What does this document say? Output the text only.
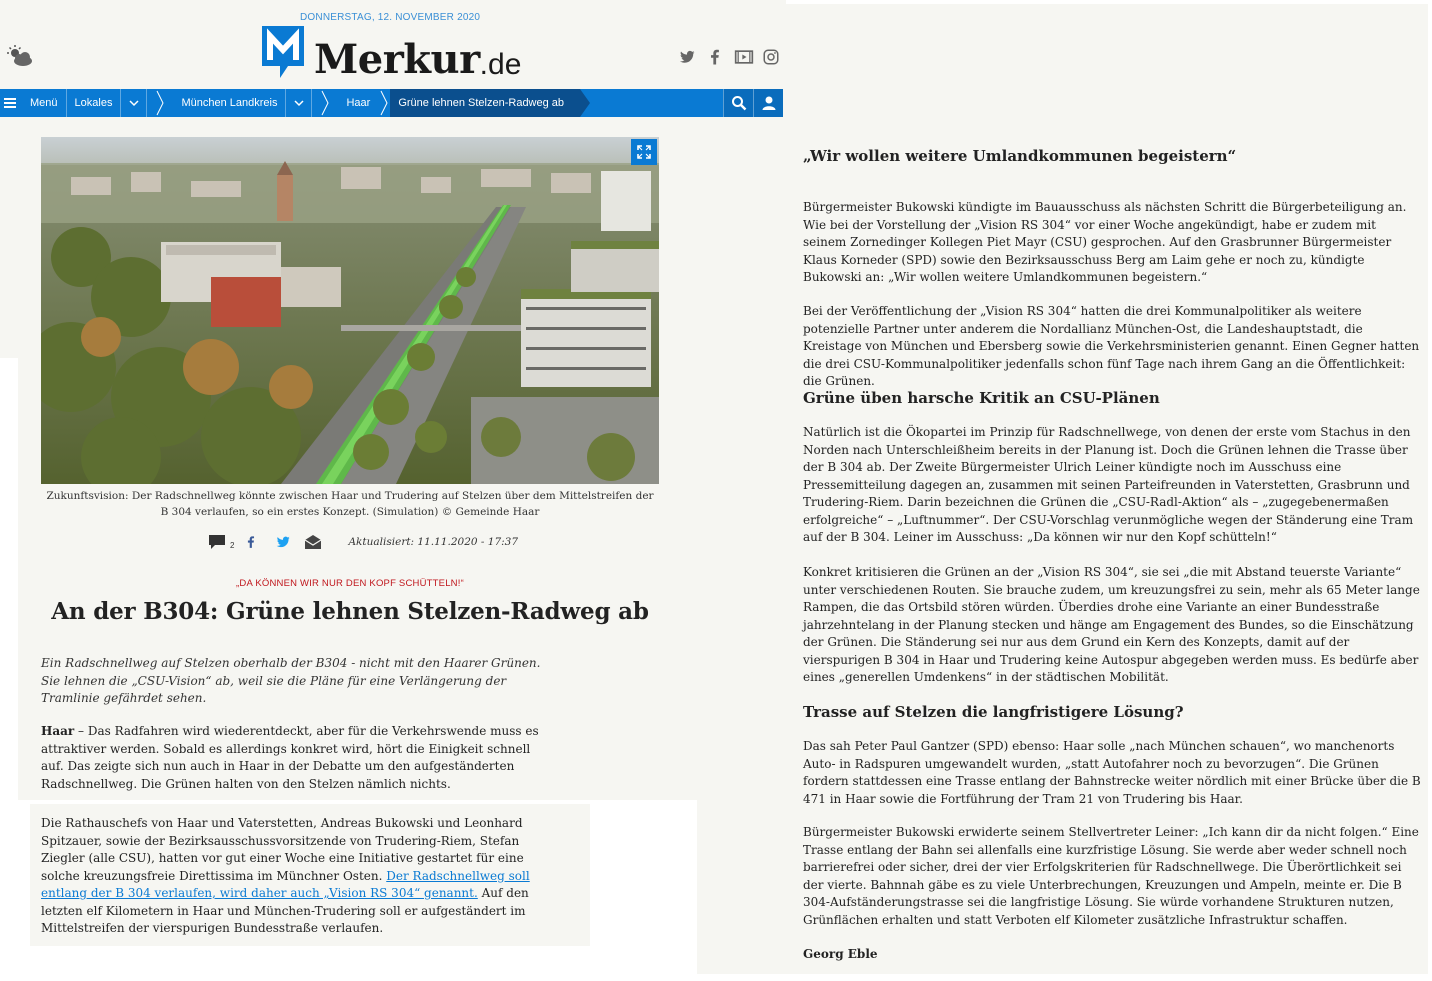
DONNERSTAG, 12. NOVEMBER 2020
Merkur .de
Menü	Lokales	München Landkreis	Haar	Grüne lehnen Stelzen-Radweg ab
Zukunftsvision: Der Radschnellweg könnte zwischen Haar und Trudering auf Stelzen über dem Mittelstreifen der B 304 verlaufen, so ein erstes Konzept. (Simulation) © Gemeinde Haar
2	Aktualisiert: 11.11.2020 - 17:37
„DA KÖNNEN WIR NUR DEN KOPF SCHÜTTELN!“
An der B304: Grüne lehnen Stelzen-Radweg ab

Ein Radschnellweg auf Stelzen oberhalb der B304 - nicht mit den Haarer Grünen. Sie lehnen die „CSU-Vision“ ab, weil sie die Pläne für eine Verlängerung der Tramlinie gefährdet sehen.

Haar – Das Radfahren wird wiederentdeckt, aber für die Verkehrswende muss es attraktiver werden. Sobald es allerdings konkret wird, hört die Einigkeit schnell auf. Das zeigte sich nun auch in Haar in der Debatte um den aufgeständerten Radschnellweg. Die Grünen halten von den Stelzen nämlich nichts.

Die Rathauschefs von Haar und Vaterstetten, Andreas Bukowski und Leonhard Spitzauer, sowie der Bezirksausschussvorsitzende von Trudering-Riem, Stefan Ziegler (alle CSU), hatten vor gut einer Woche eine Initiative gestartet für eine solche kreuzungsfreie Direttissima im Münchner Osten. Der Radschnellweg soll entlang der B 304 verlaufen, wird daher auch „Vision RS 304“ genannt. Auf den letzten elf Kilometern in Haar und München-Trudering soll er aufgeständert im Mittelstreifen der vierspurigen Bundesstraße verlaufen.

„Wir wollen weitere Umlandkommunen begeistern“

Bürgermeister Bukowski kündigte im Bauausschuss als nächsten Schritt die Bürgerbeteiligung an. Wie bei der Vorstellung der „Vision RS 304“ vor einer Woche angekündigt, habe er zudem mit seinem Zornedinger Kollegen Piet Mayr (CSU) gesprochen. Auf den Grasbrunner Bürgermeister Klaus Korneder (SPD) sowie den Bezirksausschuss Berg am Laim gehe er noch zu, kündigte Bukowski an: „Wir wollen weitere Umlandkommunen begeistern.“

Bei der Veröffentlichung der „Vision RS 304“ hatten die drei Kommunalpolitiker als weitere potenzielle Partner unter anderem die Nordallianz München-Ost, die Landeshauptstadt, die Kreistage von München und Ebersberg sowie die Verkehrsministerien genannt. Einen Gegner hatten die drei CSU-Kommunalpolitiker jedenfalls schon fünf Tage nach ihrem Gang an die Öffentlichkeit: die Grünen.

Grüne üben harsche Kritik an CSU-Plänen

Natürlich ist die Ökopartei im Prinzip für Radschnellwege, von denen der erste vom Stachus in den Norden nach Unterschleißheim bereits in der Planung ist. Doch die Grünen lehnen die Trasse über der B 304 ab. Der Zweite Bürgermeister Ulrich Leiner kündigte noch im Ausschuss eine Pressemitteilung dagegen an, zusammen mit seinen Parteifreunden in Vaterstetten, Grasbrunn und Trudering-Riem. Darin bezeichnen die Grünen die „CSU-Radl-Aktion“ als – „zugegebenermaßen erfolgreiche“ – „Luftnummer“. Der CSU-Vorschlag verunmögliche wegen der Ständerung eine Tram auf der B 304. Leiner im Ausschuss: „Da können wir nur den Kopf schütteln!“

Konkret kritisieren die Grünen an der „Vision RS 304“, sie sei „die mit Abstand teuerste Variante“ unter verschiedenen Routen. Sie brauche zudem, um kreuzungsfrei zu sein, mehr als 65 Meter lange Rampen, die das Ortsbild stören würden. Überdies drohe eine Variante an einer Bundesstraße jahrzehntelang in der Planung stecken und hänge am Engagement des Bundes, so die Einschätzung der Grünen. Die Ständerung sei nur aus dem Grund ein Kern des Konzepts, damit auf der vierspurigen B 304 in Haar und Trudering keine Autospur abgegeben werden muss. Es bedürfe aber eines „generellen Umdenkens“ in der städtischen Mobilität.

Trasse auf Stelzen die langfristigere Lösung?

Das sah Peter Paul Gantzer (SPD) ebenso: Haar solle „nach München schauen“, wo manchenorts Auto- in Radspuren umgewandelt wurden, „statt Autofahrer noch zu bevorzugen“. Die Grünen fordern stattdessen eine Trasse entlang der Bahnstrecke weiter nördlich mit einer Brücke über die B 471 in Haar sowie die Fortführung der Tram 21 von Trudering bis Haar.

Bürgermeister Bukowski erwiderte seinem Stellvertreter Leiner: „Ich kann dir da nicht folgen.“ Eine Trasse entlang der Bahn sei allenfalls eine kurzfristige Lösung. Sie werde aber weder schnell noch barrierefrei oder sicher, drei der vier Erfolgskriterien für Radschnellwege. Die Überörtlichkeit sei der vierte. Bahnnah gäbe es zu viele Unterbrechungen, Kreuzungen und Ampeln, meinte er. Die B 304-Aufständerungstrasse sei die langfristige Lösung. Sie würde vorhandene Strukturen nutzen, Grünflächen erhalten und statt Verboten elf Kilometer zusätzliche Infrastruktur schaffen.

Georg Eble
